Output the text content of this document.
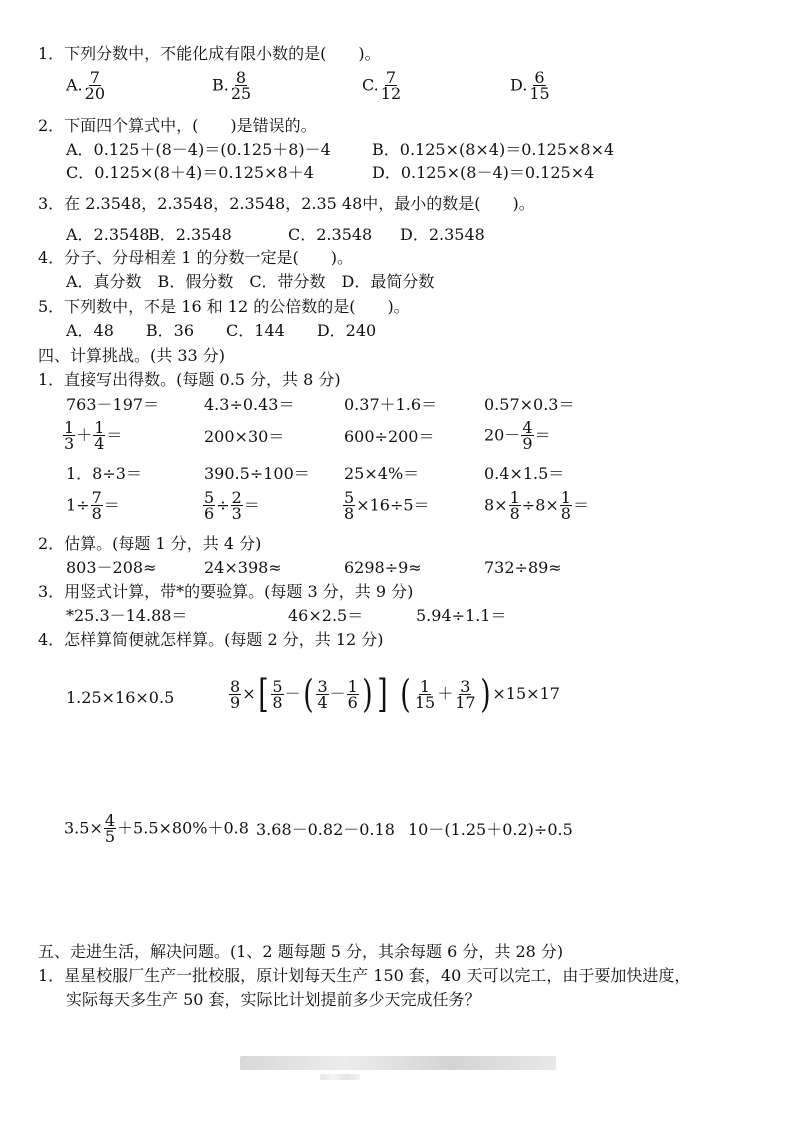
1．下列分数中，不能化成有限小数的是(　　)。
A. $\frac{7}{20}$	B. $\frac{8}{25}$	C. $\frac{7}{12}$	D. $\frac{6}{15}$
2．下面四个算式中，(　　)是错误的。
A．0.125＋(8－4)＝(0.125＋8)－4	B．0.125×(8×4)＝0.125×8×4
C．0.125×(8＋4)＝0.125×8＋4	D．0.125×(8－4)＝0.125×4
3．在 2.3548，2.3548，2.3548，2.35 48中，最小的数是(　　)。
A．2.3548
B．2.3548	C．2.3548 D．2.3548
4．分子、分母相差 1 的分数一定是(　　)。
A．真分数　B．假分数　C．带分数　D．最简分数
5．下列数中，不是 16 和 12 的公倍数的是(　　)。
A．48　　B．36　　C．144　　D．240
四、计算挑战。(共 33 分)
1．直接写出得数。(每题 0.5 分，共 8 分)
763－197＝	4.3÷0.43＝	0.37＋1.6＝	0.57×0.3＝
$\frac{1}{3} + \frac{1}{4}$ ＝	200×30＝	600÷200＝	$20- \frac{4}{9}$ ＝
1．8÷3＝	390.5÷100＝ 25×4%＝	0.4×1.5＝
$1\div \frac{7}{8}$ ＝	$\frac{5}{6} \div \frac{2}{3}$ ＝	$\frac{5}{8} \times 16\div 5=$	$8\times \frac{1}{8} \div 8\times \frac{1}{8}$ ＝
2．估算。(每题 1 分，共 4 分)
803－208≈	24×398≈	6298÷9≈	732÷89≈
3．用竖式计算，带*的要验算。(每题 3 分，共 9 分)
*25.3－14.88＝	46×2.5＝	5.94÷1.1＝
4．怎样算简便就怎样算。(每题 2 分，共 12 分)
1.25×16×0.5	$\frac{8}{9}$ ×[ $\frac{5}{8}$ －( $\frac{3}{4} - \frac{1}{6}$ ) ] ( $\frac{1}{15} + \frac{3}{17}$ ) ×15×17
$3.5\times \frac{4}{5} +5.5\times 80\%+0.8$ 3.68－0.82－0.18 10－(1.25＋0.2)÷0.5
五、走进生活，解决问题。(1、2 题每题 5 分，其余每题 6 分，共 28 分)
1．星星校服厂生产一批校服，原计划每天生产 150 套，40 天可以完工，由于要加快进度，
实际每天多生产 50 套，实际比计划提前多少天完成任务？
